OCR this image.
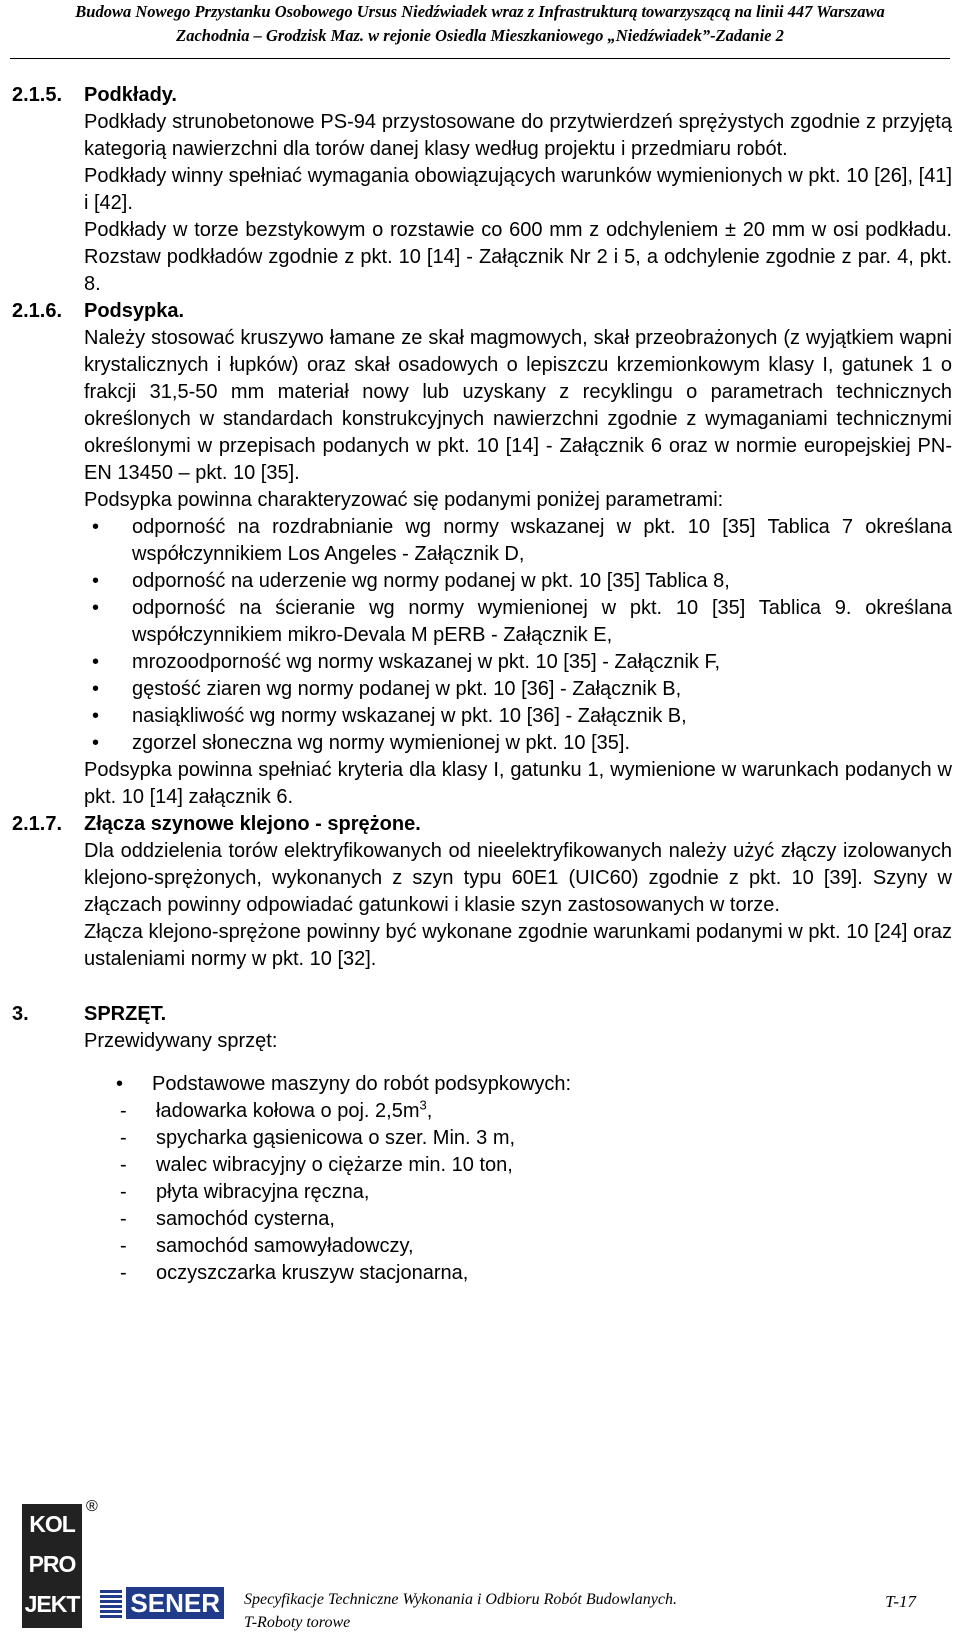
Budowa Nowego Przystanku Osobowego Ursus Niedźwiadek wraz z Infrastrukturą towarzyszącą na linii 447 Warszawa
Zachodnia – Grodzisk Maz. w rejonie Osiedla Mieszkaniowego „Niedźwiadek”-Zadanie 2
2.1.5.	Podkłady.
Podkłady strunobetonowe PS-94 przystosowane do przytwierdzeń sprężystych zgodnie z przyjętą kategorią nawierzchni dla torów danej klasy według projektu i przedmiaru robót.
Podkłady winny spełniać wymagania obowiązujących warunków wymienionych w pkt. 10 [26], [41] i [42].
Podkłady w torze bezstykowym o rozstawie co 600 mm z odchyleniem ± 20 mm w osi podkładu. Rozstaw podkładów zgodnie z pkt. 10 [14] - Załącznik Nr 2 i 5, a odchylenie zgodnie z par. 4, pkt. 8.
2.1.6.	Podsypka.
Należy stosować kruszywo łamane ze skał magmowych, skał przeobrażonych (z wyjątkiem wapni krystalicznych i łupków) oraz skał osadowych o lepiszczu krzemionkowym klasy I, gatunek 1 o frakcji 31,5-50 mm materiał nowy lub uzyskany z recyklingu o parametrach technicznych określonych w standardach konstrukcyjnych nawierzchni zgodnie z wymaganiami technicznymi określonymi w przepisach podanych w pkt. 10 [14] - Załącznik 6 oraz w normie europejskiej PN-EN 13450 – pkt. 10 [35].
Podsypka powinna charakteryzować się podanymi poniżej parametrami:
•	odporność na rozdrabnianie wg normy wskazanej w pkt. 10 [35] Tablica 7 określana współczynnikiem Los Angeles - Załącznik D,
•	odporność na uderzenie wg normy podanej w pkt. 10 [35] Tablica 8,
•	odporność na ścieranie wg normy wymienionej w pkt. 10 [35] Tablica 9. określana współczynnikiem mikro-Devala M pERB - Załącznik E,
•	mrozoodporność wg normy wskazanej w pkt. 10 [35] - Załącznik F,
•	gęstość ziaren wg normy podanej w pkt. 10 [36] - Załącznik B,
•	nasiąkliwość wg normy wskazanej w pkt. 10 [36] - Załącznik B,
•	zgorzel słoneczna wg normy wymienionej w pkt. 10 [35].
Podsypka powinna spełniać kryteria dla klasy I, gatunku 1, wymienione w warunkach podanych w pkt. 10 [14] załącznik 6.
2.1.7.	Złącza szynowe klejono - sprężone.
Dla oddzielenia torów elektryfikowanych od nieelektryfikowanych należy użyć złączy izolowanych klejono-sprężonych, wykonanych z szyn typu 60E1 (UIC60) zgodnie z pkt. 10 [39]. Szyny w złączach powinny odpowiadać gatunkowi i klasie szyn zastosowanych w torze.
Złącza klejono-sprężone powinny być wykonane zgodnie warunkami podanymi w pkt. 10 [24] oraz ustaleniami normy w pkt. 10 [32].
3.	SPRZĘT.
Przewidywany sprzęt:
•	Podstawowe maszyny do robót podsypkowych:
-	ładowarka kołowa o poj. $2,5m^3$,
-	spycharka gąsienicowa o szer. Min. 3 m,
-	walec wibracyjny o ciężarze min. 10 ton,
-	płyta wibracyjna ręczna,
-	samochód cysterna,
-	samochód samowyładowczy,
-	oczyszczarka kruszyw stacjonarna,
KOL
PRO
JEKT
®
SENER Specyfikacje Techniczne Wykonania i Odbioru Robót Budowlanych.
T-Roboty torowe
T-17
